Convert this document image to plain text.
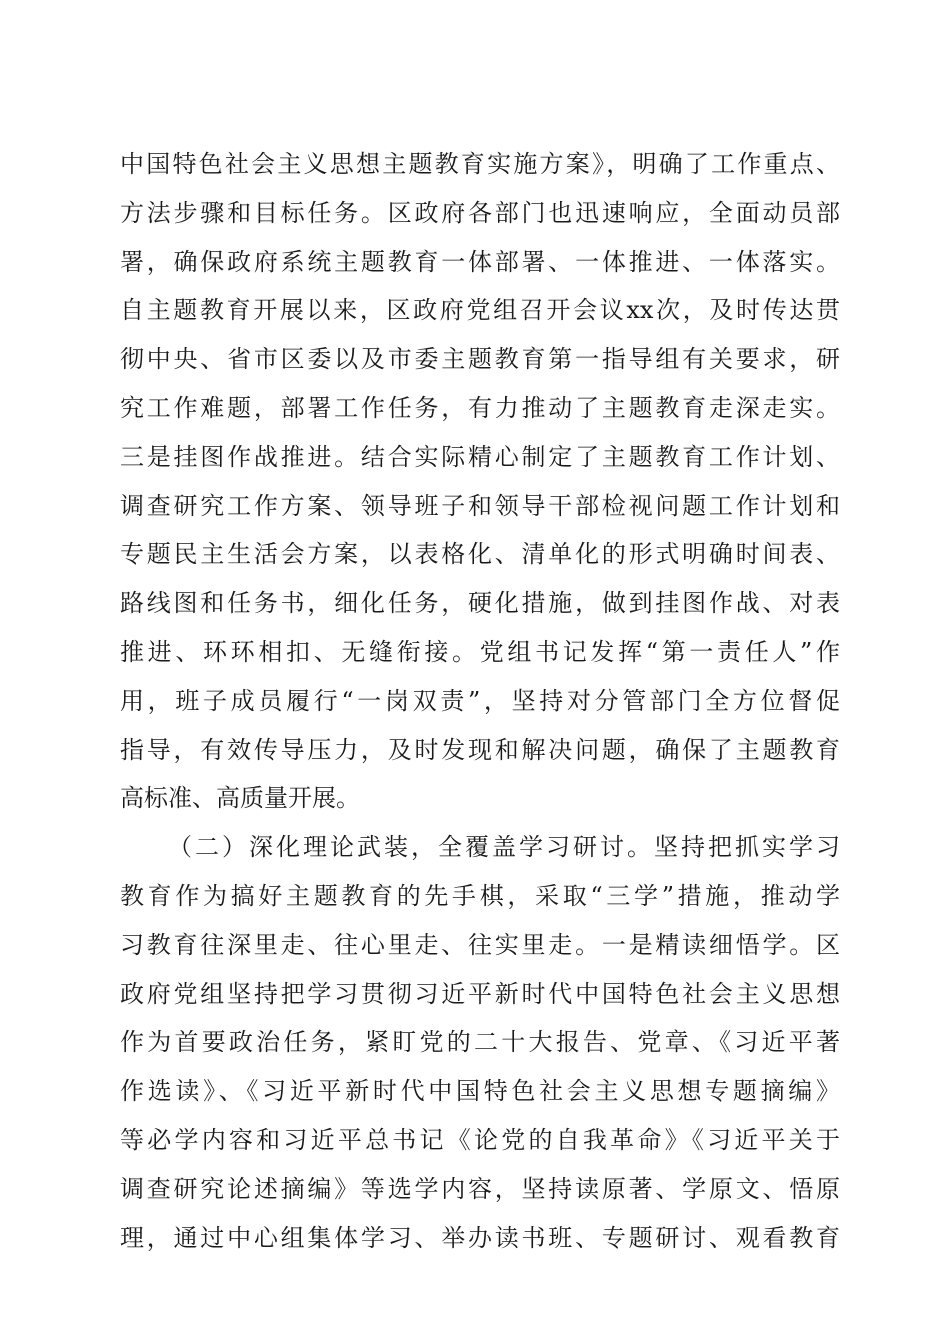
中国特色社会主义思想主题教育实施方案》，明确了工作重点、
方法步骤和目标任务。区政府各部门也迅速响应，全面动员部
署，确保政府系统主题教育一体部署、一体推进、一体落实。
自主题教育开展以来，区政府党组召开会议xx次，及时传达贯
彻中央、省市区委以及市委主题教育第一指导组有关要求，研
究工作难题，部署工作任务，有力推动了主题教育走深走实。
三是挂图作战推进。结合实际精心制定了主题教育工作计划、
调查研究工作方案、领导班子和领导干部检视问题工作计划和
专题民主生活会方案，以表格化、清单化的形式明确时间表、
路线图和任务书，细化任务，硬化措施，做到挂图作战、对表
推进、环环相扣、无缝衔接。党组书记发挥“第一责任人”作
用，班子成员履行“一岗双责”，坚持对分管部门全方位督促
指导，有效传导压力，及时发现和解决问题，确保了主题教育
高标准、高质量开展。
（二）深化理论武装，全覆盖学习研讨。坚持把抓实学习
教育作为搞好主题教育的先手棋，采取“三学”措施，推动学
习教育往深里走、往心里走、往实里走。一是精读细悟学。区
政府党组坚持把学习贯彻习近平新时代中国特色社会主义思想
作为首要政治任务，紧盯党的二十大报告、党章、《习近平著
作选读》、《习近平新时代中国特色社会主义思想专题摘编》
等必学内容和习近平总书记《论党的自我革命》《习近平关于
调查研究论述摘编》等选学内容，坚持读原著、学原文、悟原
理，通过中心组集体学习、举办读书班、专题研讨、观看教育
